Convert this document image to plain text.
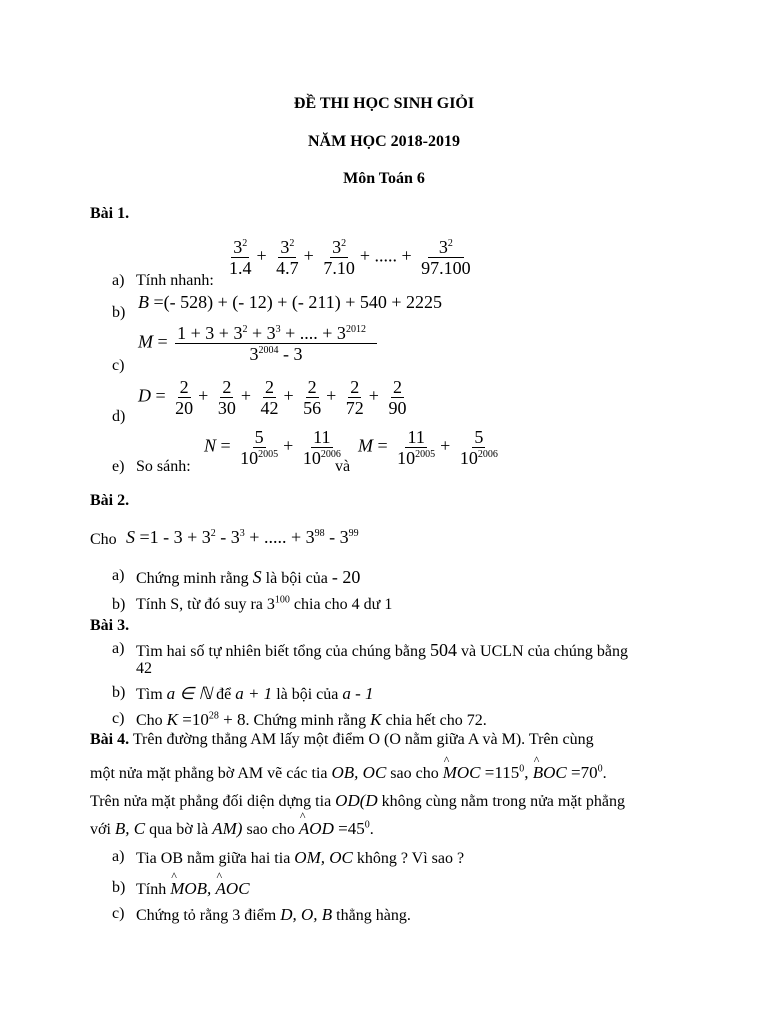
ĐỀ THI HỌC SINH GIỎI
NĂM HỌC 2018-2019
Môn Toán 6
Bài 1.
a) Tính nhanh:
$\frac{3^2}{1.4} + \frac{3^2}{4.7} + \frac{3^2}{7.10}$ + ..... + $\frac{3^2}{97.100}$
b)
B =(- 528) + (- 12) + (- 211) + 540 + 2225
c)
$M = \frac{1 + 3 + 3^2 + 3^3 + .... + 3^{2012}}{3^{2004} - 3}$
d)
$D = \frac{2}{20} + \frac{2}{30} + \frac{2}{42} + \frac{2}{56} + \frac{2}{72} + \frac{2}{90}$
e) So sánh:
$N = \frac{5}{10^{2005}} + \frac{11}{10^{2006}}$
và
$M = \frac{11}{10^{2005}} + \frac{5}{10^{2006}}$
Bài 2.
Cho $S =1 - 3 + 3^2 - 3^3$ + ..... + $3^{98} - 3^{99}$
a) Chứng minh rằng S là bội của - 20
b) Tính S, từ đó suy ra $3^{100}$ chia cho 4 dư 1
Bài 3.
a) Tìm hai số tự nhiên biết tổng của chúng bằng 504 và UCLN của chúng bằng
42
b) Tìm a ∈ ℕ để a + 1 là bội của a - 1
c) Cho $K =10^{28} + 8$. Chứng minh rằng K chia hết cho 72.
Bài 4. Trên đường thẳng AM lấy một điểm O (O nằm giữa A và M). Trên cùng
một nửa mặt phẳng bờ AM vẽ các tia OB, OC sao cho ^ MOC $=115^0$, ^ BOC $=70^0$.
Trên nửa mặt phẳng đối diện dựng tia OD(D không cùng nằm trong nửa mặt phẳng
với B, C qua bờ là AM) sao cho ^ AOD $=45^0$.
a) Tia OB nằm giữa hai tia OM, OC không ? Vì sao ?
b) Tính ^ MOB, ^ AOC
c) Chứng tỏ rằng 3 điểm D, O, B thẳng hàng.
